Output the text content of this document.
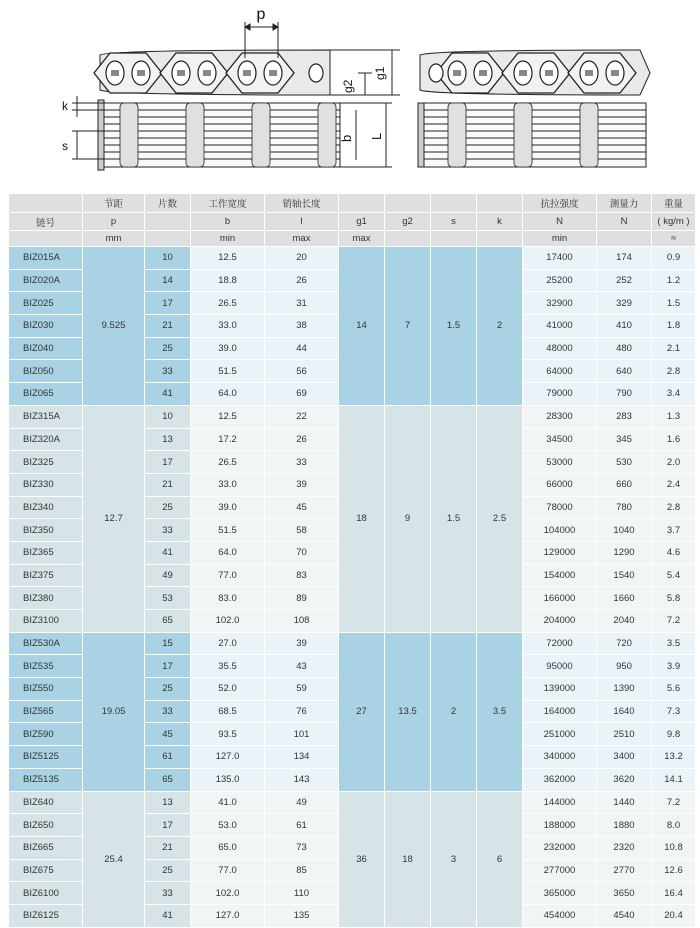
p
g2
g1
k
s
b L
	节距	片数	工作宽度	销轴长度					抗拉强度	测量力	重量
链号	p		b	l	g1	g2	s	k	N	N	( kg/m )
	mm		min	max	max				min		≈
BIZ015A	9.525	10	12.5	20	14	7	1.5	2	17400	174	0.9
BIZ020A		14	18.8	26					25200	252	1.2
BIZ025		17	26.5	31					32900	329	1.5
BIZ030		21	33.0	38					41000	410	1.8
BIZ040		25	39.0	44					48000	480	2.1
BIZ050		33	51.5	56					64000	640	2.8
BIZ065		41	64.0	69					79000	790	3.4
BIZ315A	12.7	10	12.5	22	18	9	1.5	2.5	28300	283	1.3
BIZ320A		13	17.2	26					34500	345	1.6
BIZ325		17	26.5	33					53000	530	2.0
BIZ330		21	33.0	39					66000	660	2.4
BIZ340		25	39.0	45					78000	780	2.8
BIZ350		33	51.5	58					104000	1040	3.7
BIZ365		41	64.0	70					129000	1290	4.6
BIZ375		49	77.0	83					154000	1540	5.4
BIZ380		53	83.0	89					166000	1660	5.8
BIZ3100		65	102.0	108					204000	2040	7.2
BIZ530A	19.05	15	27.0	39	27	13.5	2	3.5	72000	720	3.5
BIZ535		17	35.5	43					95000	950	3.9
BIZ550		25	52.0	59					139000	1390	5.6
BIZ565		33	68.5	76					164000	1640	7.3
BIZ590		45	93.5	101					251000	2510	9.8
BIZ5125		61	127.0	134					340000	3400	13.2
BIZ5135		65	135.0	143					362000	3620	14.1
BIZ640	25.4	13	41.0	49	36	18	3	6	144000	1440	7.2
BIZ650		17	53.0	61					188000	1880	8.0
BIZ665		21	65.0	73					232000	2320	10.8
BIZ675		25	77.0	85					277000	2770	12.6
BIZ6100		33	102.0	110					365000	3650	16.4
BIZ6125		41	127.0	135					454000	4540	20.4
